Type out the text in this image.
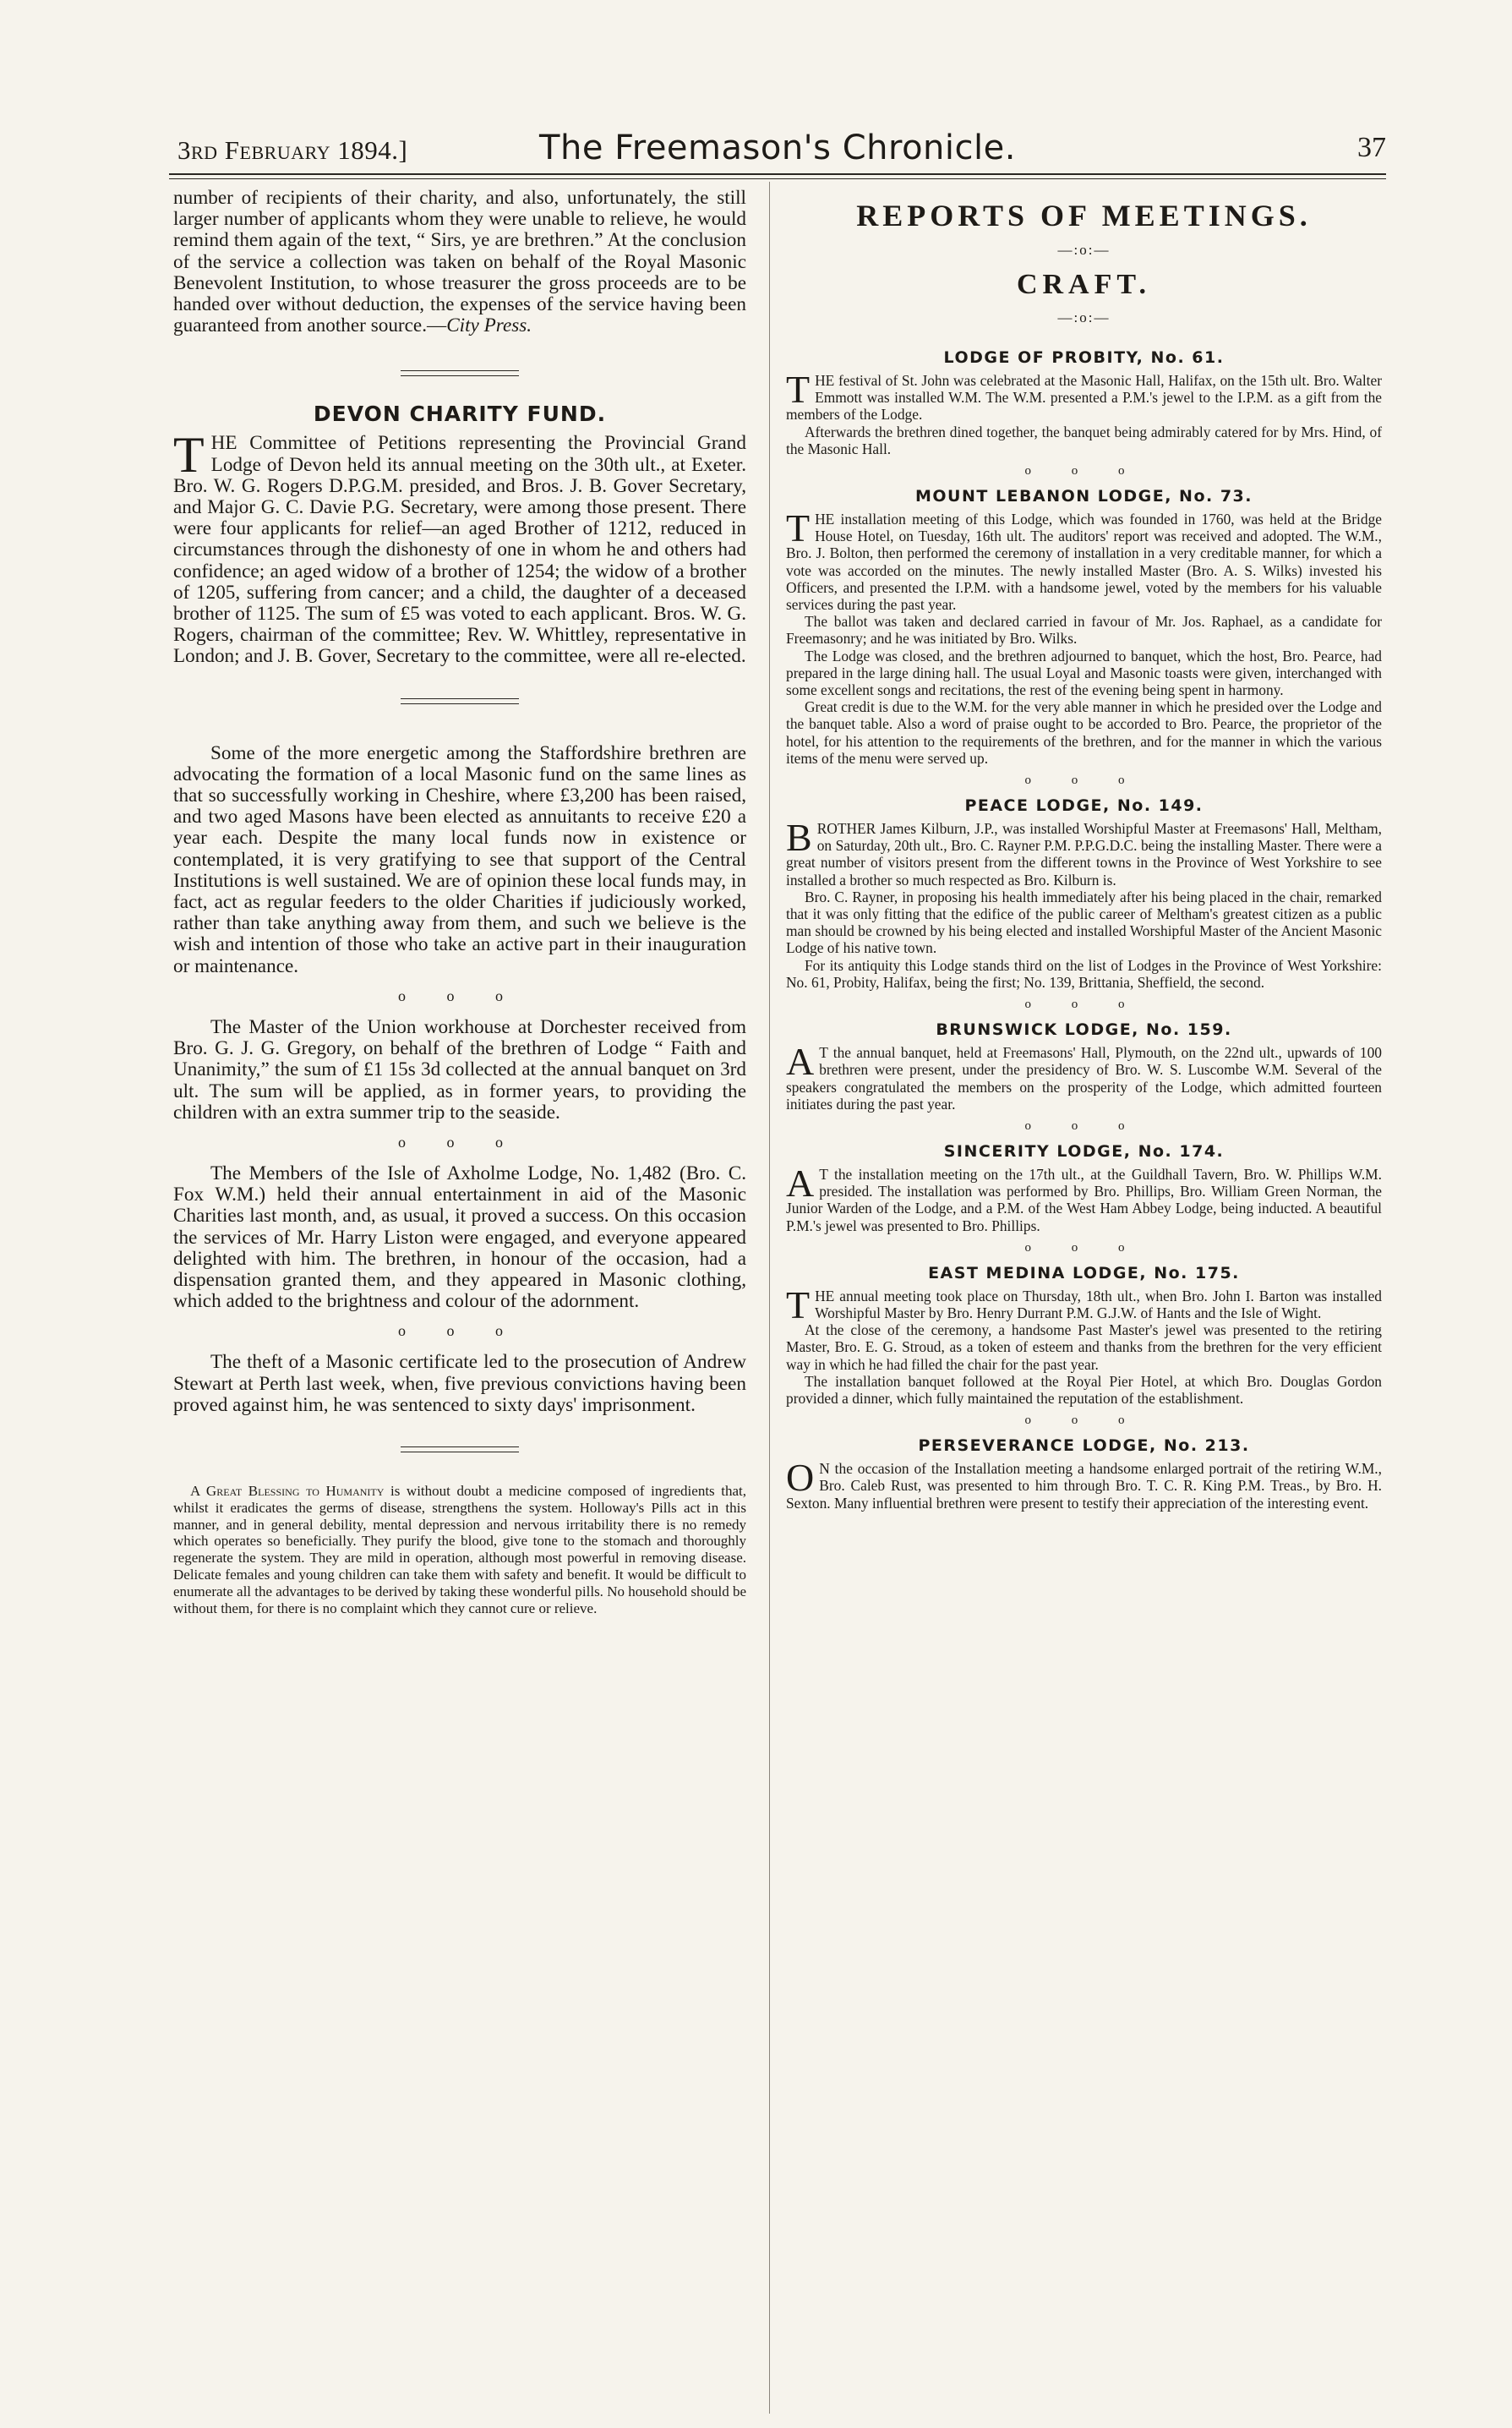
3rd February 1894.]	The Freemason's Chronicle.	37

number of recipients of their charity, and also, unfortunately, the still larger number of applicants whom they were unable to relieve, he would remind them again of the text, “ Sirs, ye are brethren.” At the conclusion of the service a collection was taken on behalf of the Royal Masonic Benevolent Institution, to whose treasurer the gross proceeds are to be handed over without deduction, the expenses of the service having been guaranteed from another source.—City Press.

DEVON CHARITY FUND.

THE Committee of Petitions representing the Provincial Grand Lodge of Devon held its annual meeting on the 30th ult., at Exeter. Bro. W. G. Rogers D.P.G.M. presided, and Bros. J. B. Gover Secretary, and Major G. C. Davie P.G. Secretary, were among those present. There were four applicants for relief—an aged Brother of 1212, reduced in circumstances through the dishonesty of one in whom he and others had confidence; an aged widow of a brother of 1254; the widow of a brother of 1205, suffering from cancer; and a child, the daughter of a deceased brother of 1125. The sum of £5 was voted to each applicant. Bros. W. G. Rogers, chairman of the committee; Rev. W. Whittley, representative in London; and J. B. Gover, Secretary to the committee, were all re-elected.

Some of the more energetic among the Staffordshire brethren are advocating the formation of a local Masonic fund on the same lines as that so successfully working in Cheshire, where £3,200 has been raised, and two aged Masons have been elected as annuitants to receive £20 a year each. Despite the many local funds now in existence or contemplated, it is very gratifying to see that support of the Central Institutions is well sustained. We are of opinion these local funds may, in fact, act as regular feeders to the older Charities if judiciously worked, rather than take anything away from them, and such we believe is the wish and intention of those who take an active part in their inauguration or maintenance.

o o o

The Master of the Union workhouse at Dorchester received from Bro. G. J. G. Gregory, on behalf of the brethren of Lodge “ Faith and Unanimity,” the sum of £1 15s 3d collected at the annual banquet on 3rd ult. The sum will be applied, as in former years, to providing the children with an extra summer trip to the seaside.

o o o

The Members of the Isle of Axholme Lodge, No. 1,482 (Bro. C. Fox W.M.) held their annual entertainment in aid of the Masonic Charities last month, and, as usual, it proved a success. On this occasion the services of Mr. Harry Liston were engaged, and everyone appeared delighted with him. The brethren, in honour of the occasion, had a dispensation granted them, and they appeared in Masonic clothing, which added to the brightness and colour of the adornment.

o o o

The theft of a Masonic certificate led to the prosecution of Andrew Stewart at Perth last week, when, five previous convictions having been proved against him, he was sentenced to sixty days' imprisonment.

A Great Blessing to Humanity is without doubt a medicine composed of ingredients that, whilst it eradicates the germs of disease, strengthens the system. Holloway's Pills act in this manner, and in general debility, mental depression and nervous irritability there is no remedy which operates so beneficially. They purify the blood, give tone to the stomach and thoroughly regenerate the system. They are mild in operation, although most powerful in removing disease. Delicate females and young children can take them with safety and benefit. It would be difficult to enumerate all the advantages to be derived by taking these wonderful pills. No household should be without them, for there is no complaint which they cannot cure or relieve.

REPORTS OF MEETINGS.

—:o:—

CRAFT.

—:o:—

LODGE OF PROBITY, No. 61.

THE festival of St. John was celebrated at the Masonic Hall, Halifax, on the 15th ult. Bro. Walter Emmott was installed W.M. The W.M. presented a P.M.'s jewel to the I.P.M. as a gift from the members of the Lodge.

Afterwards the brethren dined together, the banquet being admirably catered for by Mrs. Hind, of the Masonic Hall.

o o o

MOUNT LEBANON LODGE, No. 73.

THE installation meeting of this Lodge, which was founded in 1760, was held at the Bridge House Hotel, on Tuesday, 16th ult. The auditors' report was received and adopted. The W.M., Bro. J. Bolton, then performed the ceremony of installation in a very creditable manner, for which a vote was accorded on the minutes. The newly installed Master (Bro. A. S. Wilks) invested his Officers, and presented the I.P.M. with a handsome jewel, voted by the members for his valuable services during the past year.

The ballot was taken and declared carried in favour of Mr. Jos. Raphael, as a candidate for Freemasonry; and he was initiated by Bro. Wilks.

The Lodge was closed, and the brethren adjourned to banquet, which the host, Bro. Pearce, had prepared in the large dining hall. The usual Loyal and Masonic toasts were given, interchanged with some excellent songs and recitations, the rest of the evening being spent in harmony.

Great credit is due to the W.M. for the very able manner in which he presided over the Lodge and the banquet table. Also a word of praise ought to be accorded to Bro. Pearce, the proprietor of the hotel, for his attention to the requirements of the brethren, and for the manner in which the various items of the menu were served up.

o o o

PEACE LODGE, No. 149.

BROTHER James Kilburn, J.P., was installed Worshipful Master at Freemasons' Hall, Meltham, on Saturday, 20th ult., Bro. C. Rayner P.M. P.P.G.D.C. being the installing Master. There were a great number of visitors present from the different towns in the Province of West Yorkshire to see installed a brother so much respected as Bro. Kilburn is.

Bro. C. Rayner, in proposing his health immediately after his being placed in the chair, remarked that it was only fitting that the edifice of the public career of Meltham's greatest citizen as a public man should be crowned by his being elected and installed Worshipful Master of the Ancient Masonic Lodge of his native town.

For its antiquity this Lodge stands third on the list of Lodges in the Province of West Yorkshire: No. 61, Probity, Halifax, being the first; No. 139, Brittania, Sheffield, the second.

o o o

BRUNSWICK LODGE, No. 159.

A T the annual banquet, held at Freemasons' Hall, Plymouth, on the 22nd ult., upwards of 100 brethren were present, under the presidency of Bro. W. S. Luscombe W.M. Several of the speakers congratulated the members on the prosperity of the Lodge, which admitted fourteen initiates during the past year.

o o o

SINCERITY LODGE, No. 174.

A T the installation meeting on the 17th ult., at the Guildhall Tavern, Bro. W. Phillips W.M. presided. The installation was performed by Bro. Phillips, Bro. William Green Norman, the Junior Warden of the Lodge, and a P.M. of the West Ham Abbey Lodge, being inducted. A beautiful P.M.'s jewel was presented to Bro. Phillips.

o o o

EAST MEDINA LODGE, No. 175.

THE annual meeting took place on Thursday, 18th ult., when Bro. John I. Barton was installed Worshipful Master by Bro. Henry Durrant P.M. G.J.W. of Hants and the Isle of Wight.

At the close of the ceremony, a handsome Past Master's jewel was presented to the retiring Master, Bro. E. G. Stroud, as a token of esteem and thanks from the brethren for the very efficient way in which he had filled the chair for the past year.

The installation banquet followed at the Royal Pier Hotel, at which Bro. Douglas Gordon provided a dinner, which fully maintained the reputation of the establishment.

o o o

PERSEVERANCE LODGE, No. 213.

O N the occasion of the Installation meeting a handsome enlarged portrait of the retiring W.M., Bro. Caleb Rust, was presented to him through Bro. T. C. R. King P.M. Treas., by Bro. H. Sexton. Many influential brethren were present to testify their appreciation of the interesting event.
